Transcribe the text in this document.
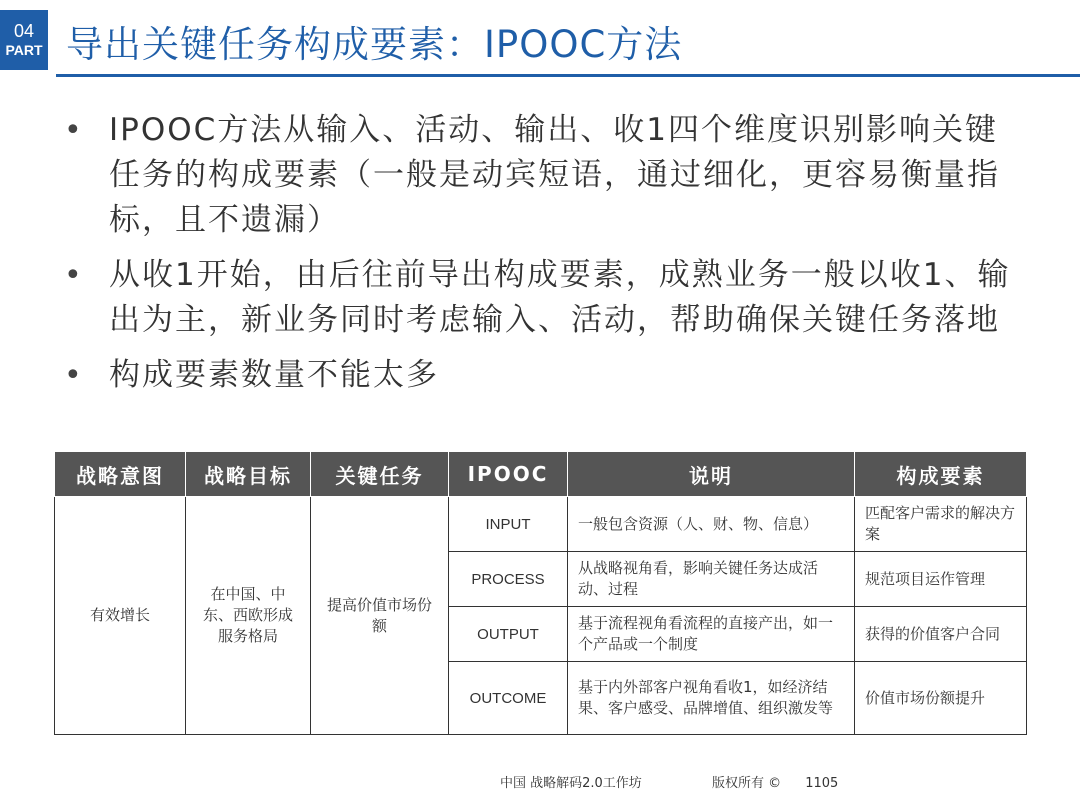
04
PART 导出关键任务构成要素：IPOOC方法
• IPOOC方法从输入、活动、输出、收1四个维度识别影响关键任务的构成要素（一般是动宾短语，通过细化，更容易衡量指标，且不遗漏）
• 从收1开始，由后往前导出构成要素，成熟业务一般以收1、输出为主，新业务同时考虑输入、活动，帮助确保关键任务落地
• 构成要素数量不能太多
战略意图	战略目标	关键任务	IPOOC	说明	构成要素
有效增长	在中国、中东、西欧形成服务格局	提高价值市场份额	INPUT	一般包含资源（人、财、物、信息）	匹配客户需求的解决方案
			PROCESS	从战略视角看，影响关键任务达成活动、过程	规范项目运作管理
			OUTPUT	基于流程视角看流程的直接产出，如一个产品或一个制度	获得的价值客户合同
			OUTCOME	基于内外部客户视角看收1，如经济结果、客户感受、品牌增值、组织激发等	价值市场份额提升
中国 战略解码2.0工作坊	版权所有 © 1105
